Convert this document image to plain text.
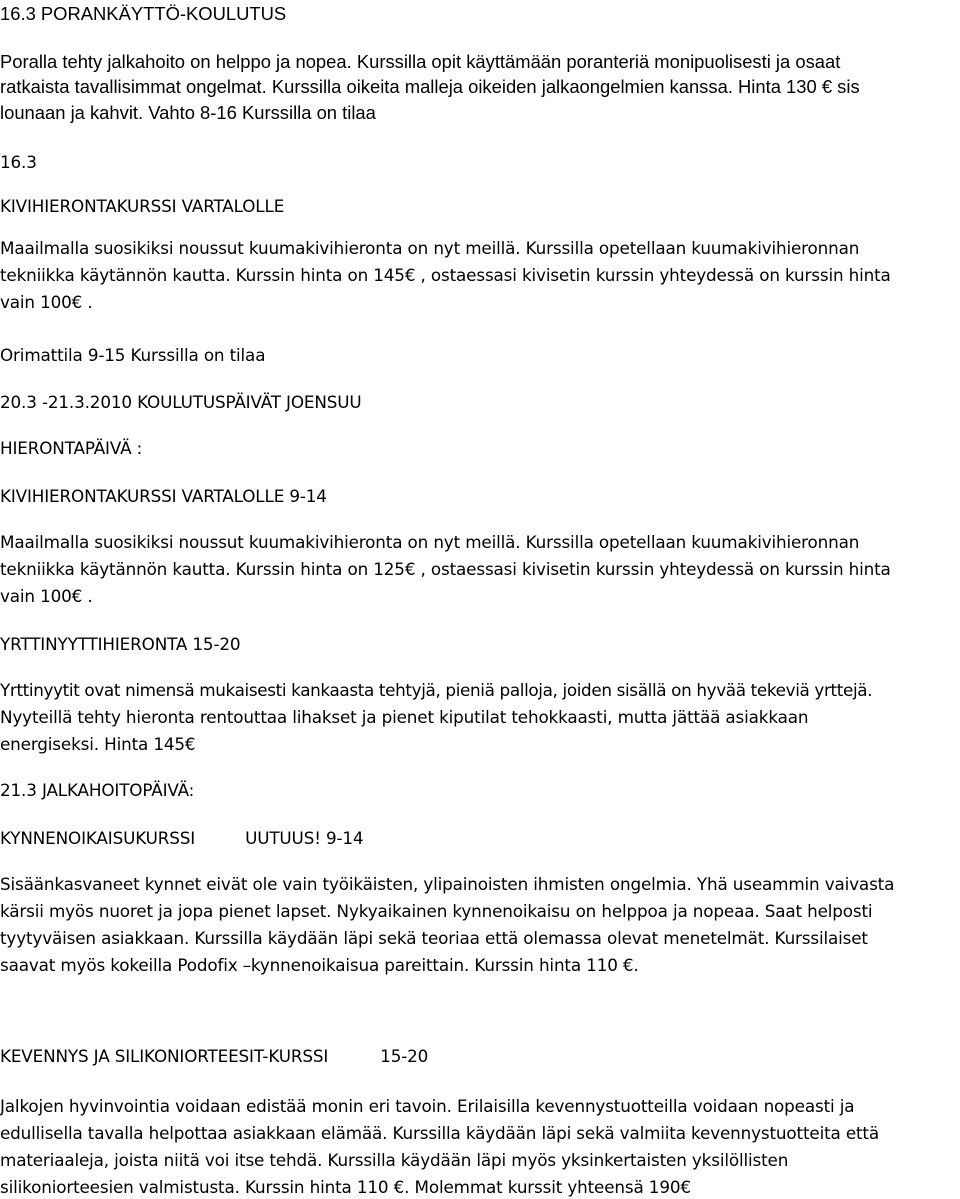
16.3 PORANKÄYTTÖ-KOULUTUS
Poralla tehty jalkahoito on helppo ja nopea. Kurssilla opit käyttämään poranteriä monipuolisesti ja osaat
ratkaista tavallisimmat ongelmat. Kurssilla oikeita malleja oikeiden jalkaongelmien kanssa. Hinta 130 € sis
lounaan ja kahvit. Vahto 8-16 Kurssilla on tilaa
16.3
KIVIHIERONTAKURSSI VARTALOLLE
Maailmalla suosikiksi noussut kuumakivihieronta on nyt meillä. Kurssilla opetellaan kuumakivihieronnan
tekniikka käytännön kautta. Kurssin hinta on 145€ , ostaessasi kivisetin kurssin yhteydessä on kurssin hinta
vain 100€ .
Orimattila 9-15 Kurssilla on tilaa
20.3 -21.3.2010 KOULUTUSPÄIVÄT JOENSUU
HIERONTAPÄIVÄ :
KIVIHIERONTAKURSSI VARTALOLLE 9-14
Maailmalla suosikiksi noussut kuumakivihieronta on nyt meillä. Kurssilla opetellaan kuumakivihieronnan
tekniikka käytännön kautta. Kurssin hinta on 125€ , ostaessasi kivisetin kurssin yhteydessä on kurssin hinta
vain 100€ .
YRTTINYYTTIHIERONTA 15-20
Yrttinyytit ovat nimensä mukaisesti kankaasta tehtyjä, pieniä palloja, joiden sisällä on hyvää tekeviä yrttejä.
Nyyteillä tehty hieronta rentouttaa lihakset ja pienet kiputilat tehokkaasti, mutta jättää asiakkaan
energiseksi. Hinta 145€
21.3 JALKAHOITOPÄIVÄ:
KYNNENOIKAISUKURSSI	UUTUUS! 9-14
Sisäänkasvaneet kynnet eivät ole vain työikäisten, ylipainoisten ihmisten ongelmia. Yhä useammin vaivasta
kärsii myös nuoret ja jopa pienet lapset. Nykyaikainen kynnenoikaisu on helppoa ja nopeaa. Saat helposti
tyytyväisen asiakkaan. Kurssilla käydään läpi sekä teoriaa että olemassa olevat menetelmät. Kurssilaiset
saavat myös kokeilla Podofix –kynnenoikaisua pareittain. Kurssin hinta 110 €.
KEVENNYS JA SILIKONIORTEESIT-KURSSI	15-20
Jalkojen hyvinvointia voidaan edistää monin eri tavoin. Erilaisilla kevennystuotteilla voidaan nopeasti ja
edullisella tavalla helpottaa asiakkaan elämää. Kurssilla käydään läpi sekä valmiita kevennystuotteita että
materiaaleja, joista niitä voi itse tehdä. Kurssilla käydään läpi myös yksinkertaisten yksilöllisten
silikoniorteesien valmistusta. Kurssin hinta 110 €. Molemmat kurssit yhteensä 190€
